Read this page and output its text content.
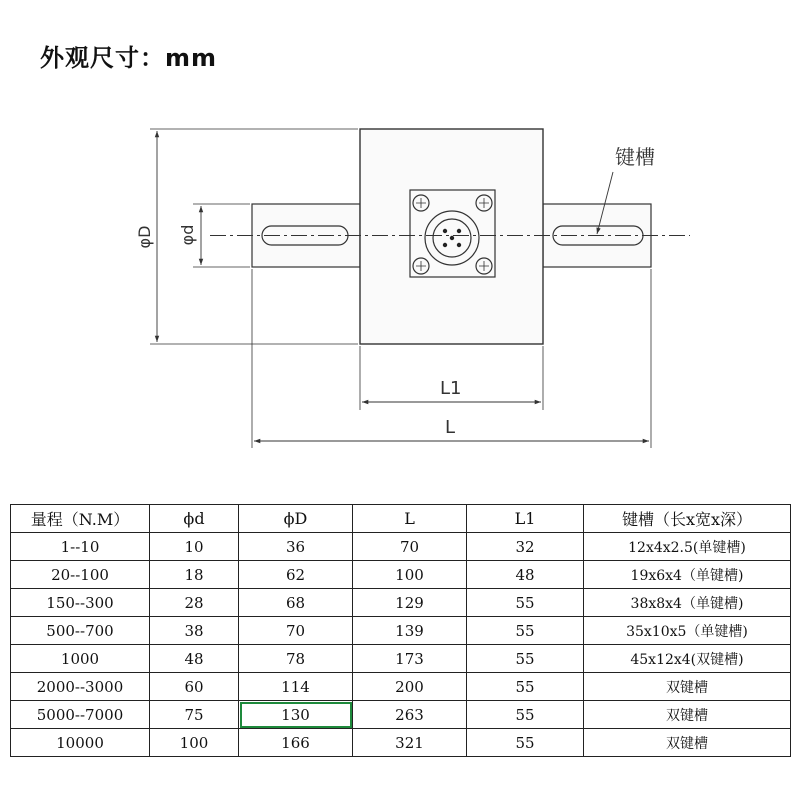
外观尺寸：mm
键槽
L1
L
φD φd
量程（N.M）	ϕd	ϕD	L	L1	键槽（长x宽x深）
1--10	10	36	70	32	12x4x2.5(单键槽)
20--100	18	62	100	48	19x6x4（单键槽)
150--300	28	68	129	55	38x8x4（单键槽)
500--700	38	70	139	55	35x10x5（单键槽)
1000	48	78	173	55	45x12x4(双键槽)
2000--3000	60	114	200	55	双键槽
5000--7000	75	130	263	55	双键槽
10000	100	166	321	55	双键槽
